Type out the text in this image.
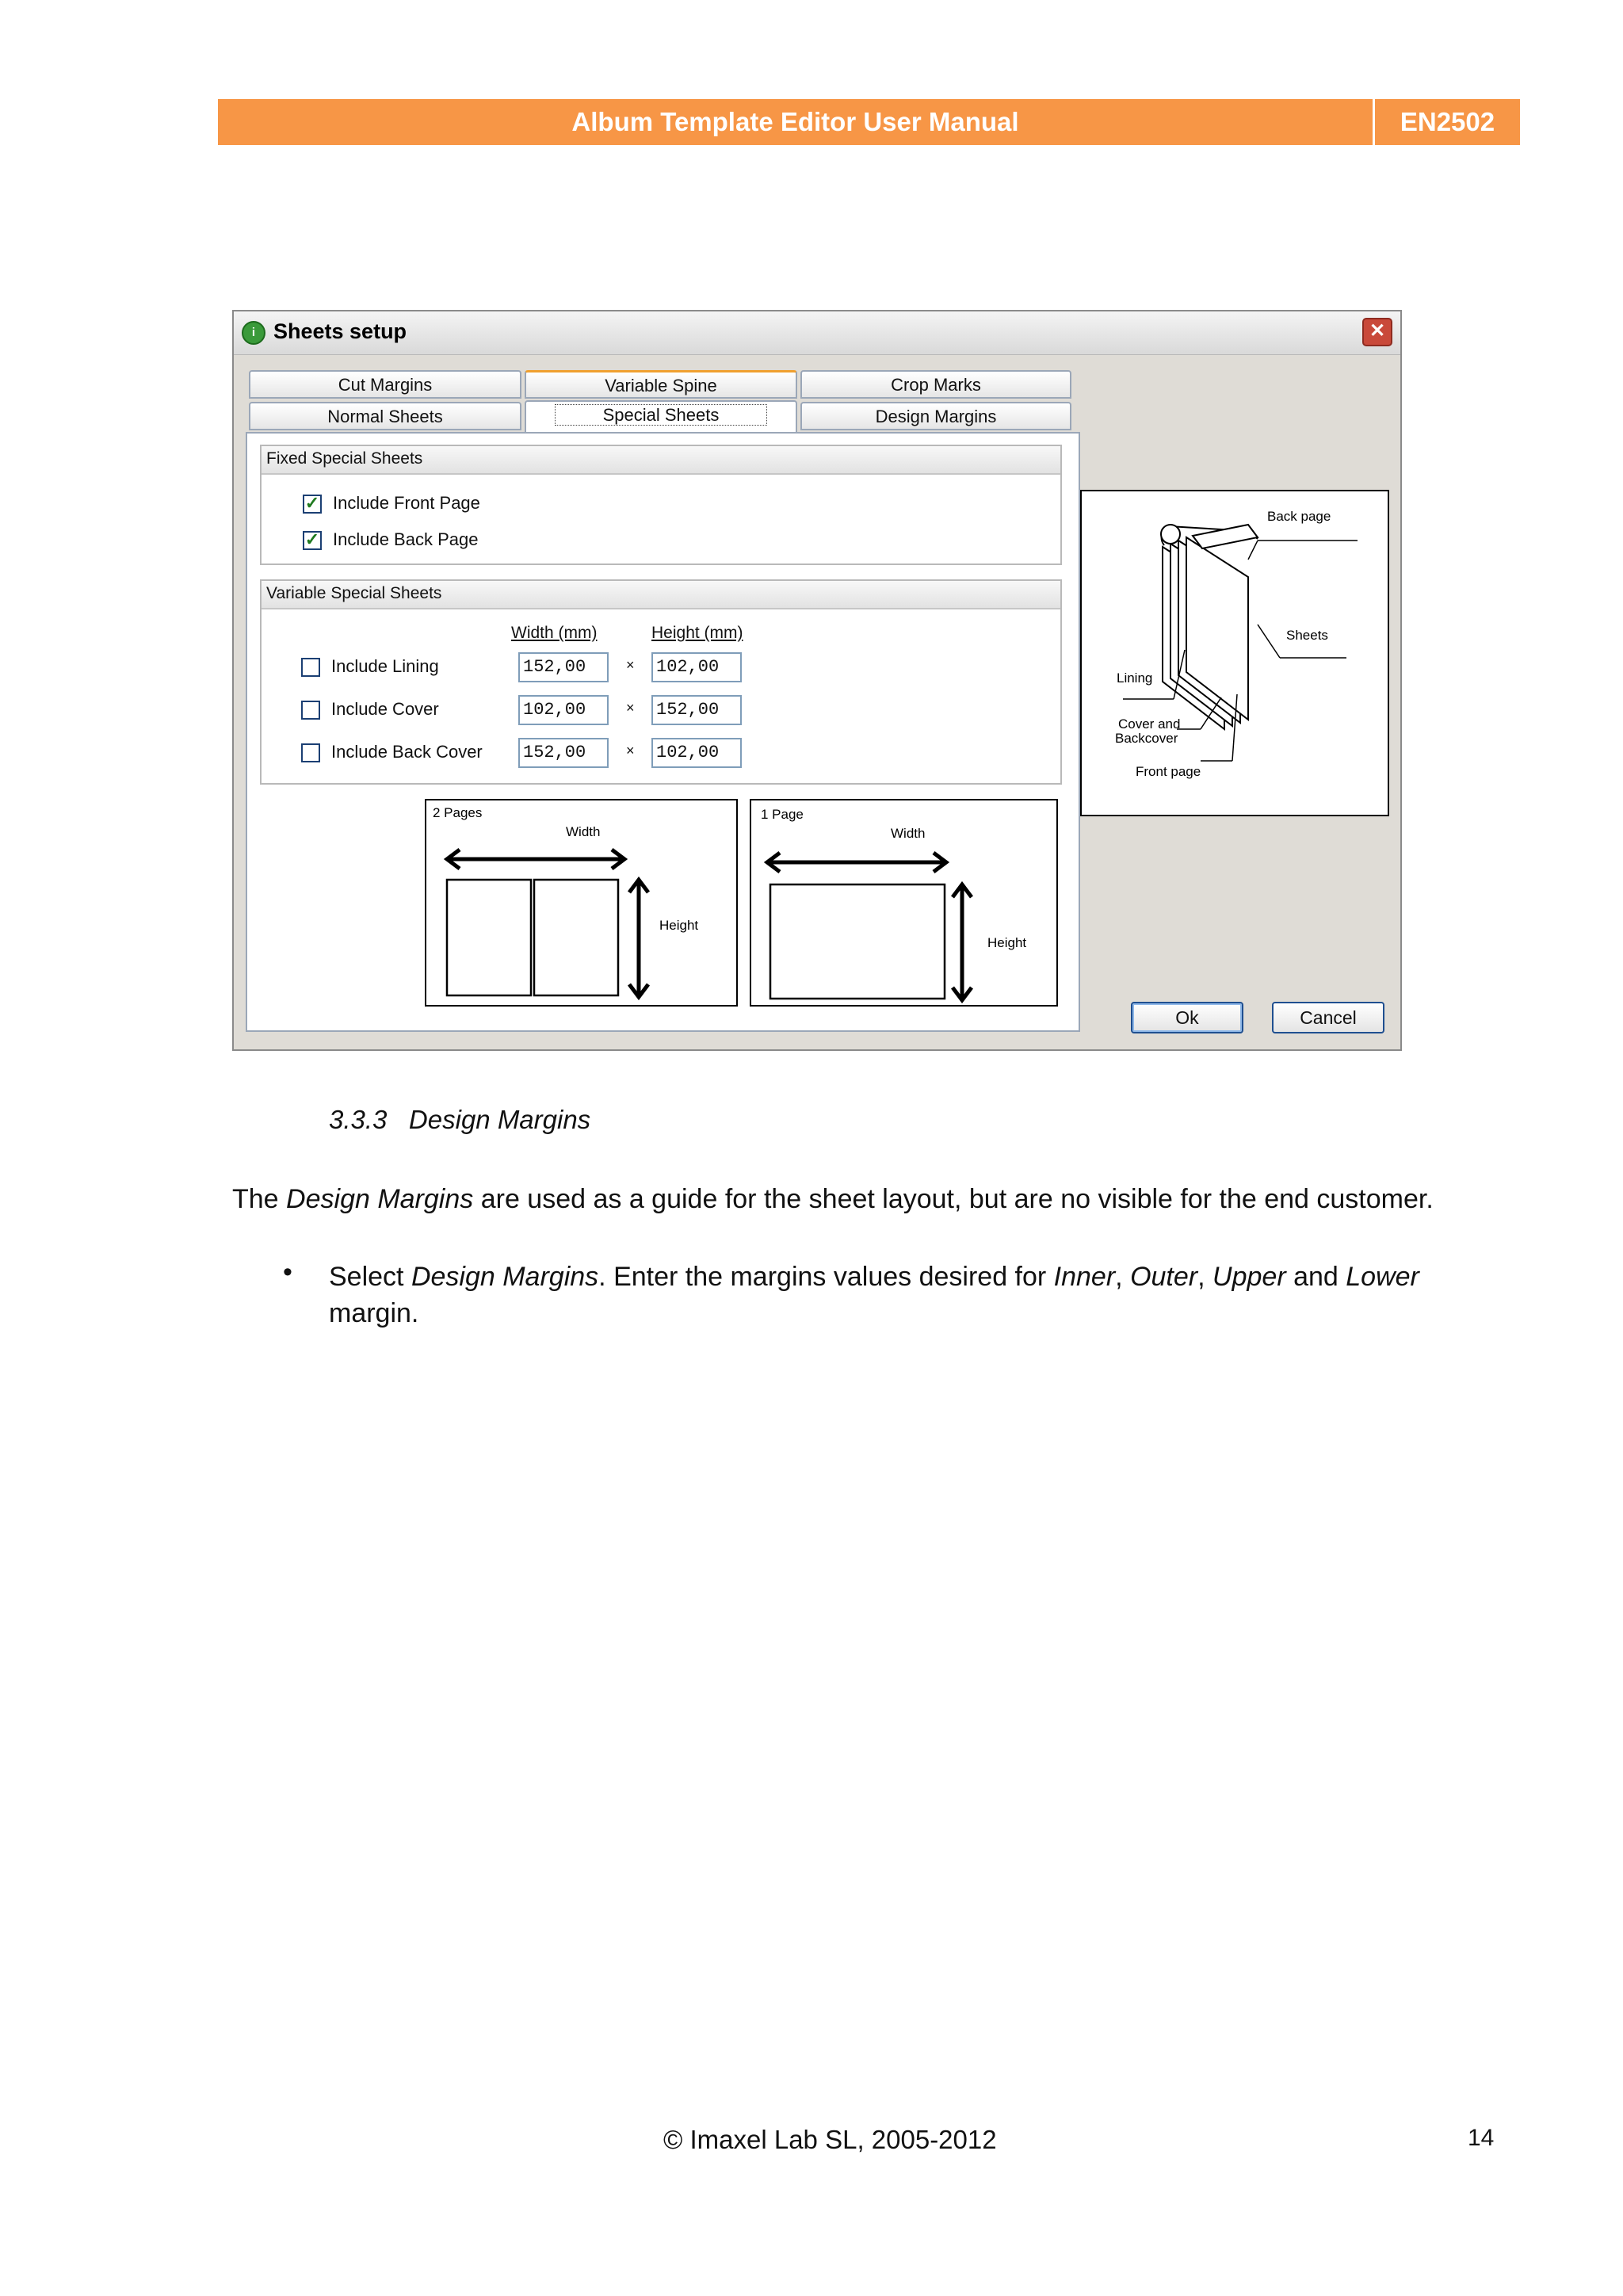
Album Template Editor User Manual	EN2502
i Sheets setup	✕
Cut Margins	Variable Spine	Crop Marks
Normal Sheets	Special Sheets	Design Margins
Fixed Special Sheets
✓ Include Front Page
✓ Include Back Page
Variable Special Sheets
Width (mm)	Height (mm)
Include Lining	152,00	× 102,00
Include Cover	102,00	× 152,00
Include Back Cover 152,00	× 102,00
2 Pages
Width
Height
1 Page
Width
Height
Back page
Sheets
Lining
Cover and
Backcover
Front page
Ok	Cancel
3.3.3 Design Margins
The Design Margins are used as a guide for the sheet layout, but are no visible for the end customer.
• Select Design Margins. Enter the margins values desired for Inner, Outer, Upper and Lower margin.
© Imaxel Lab SL, 2005-2012	14
